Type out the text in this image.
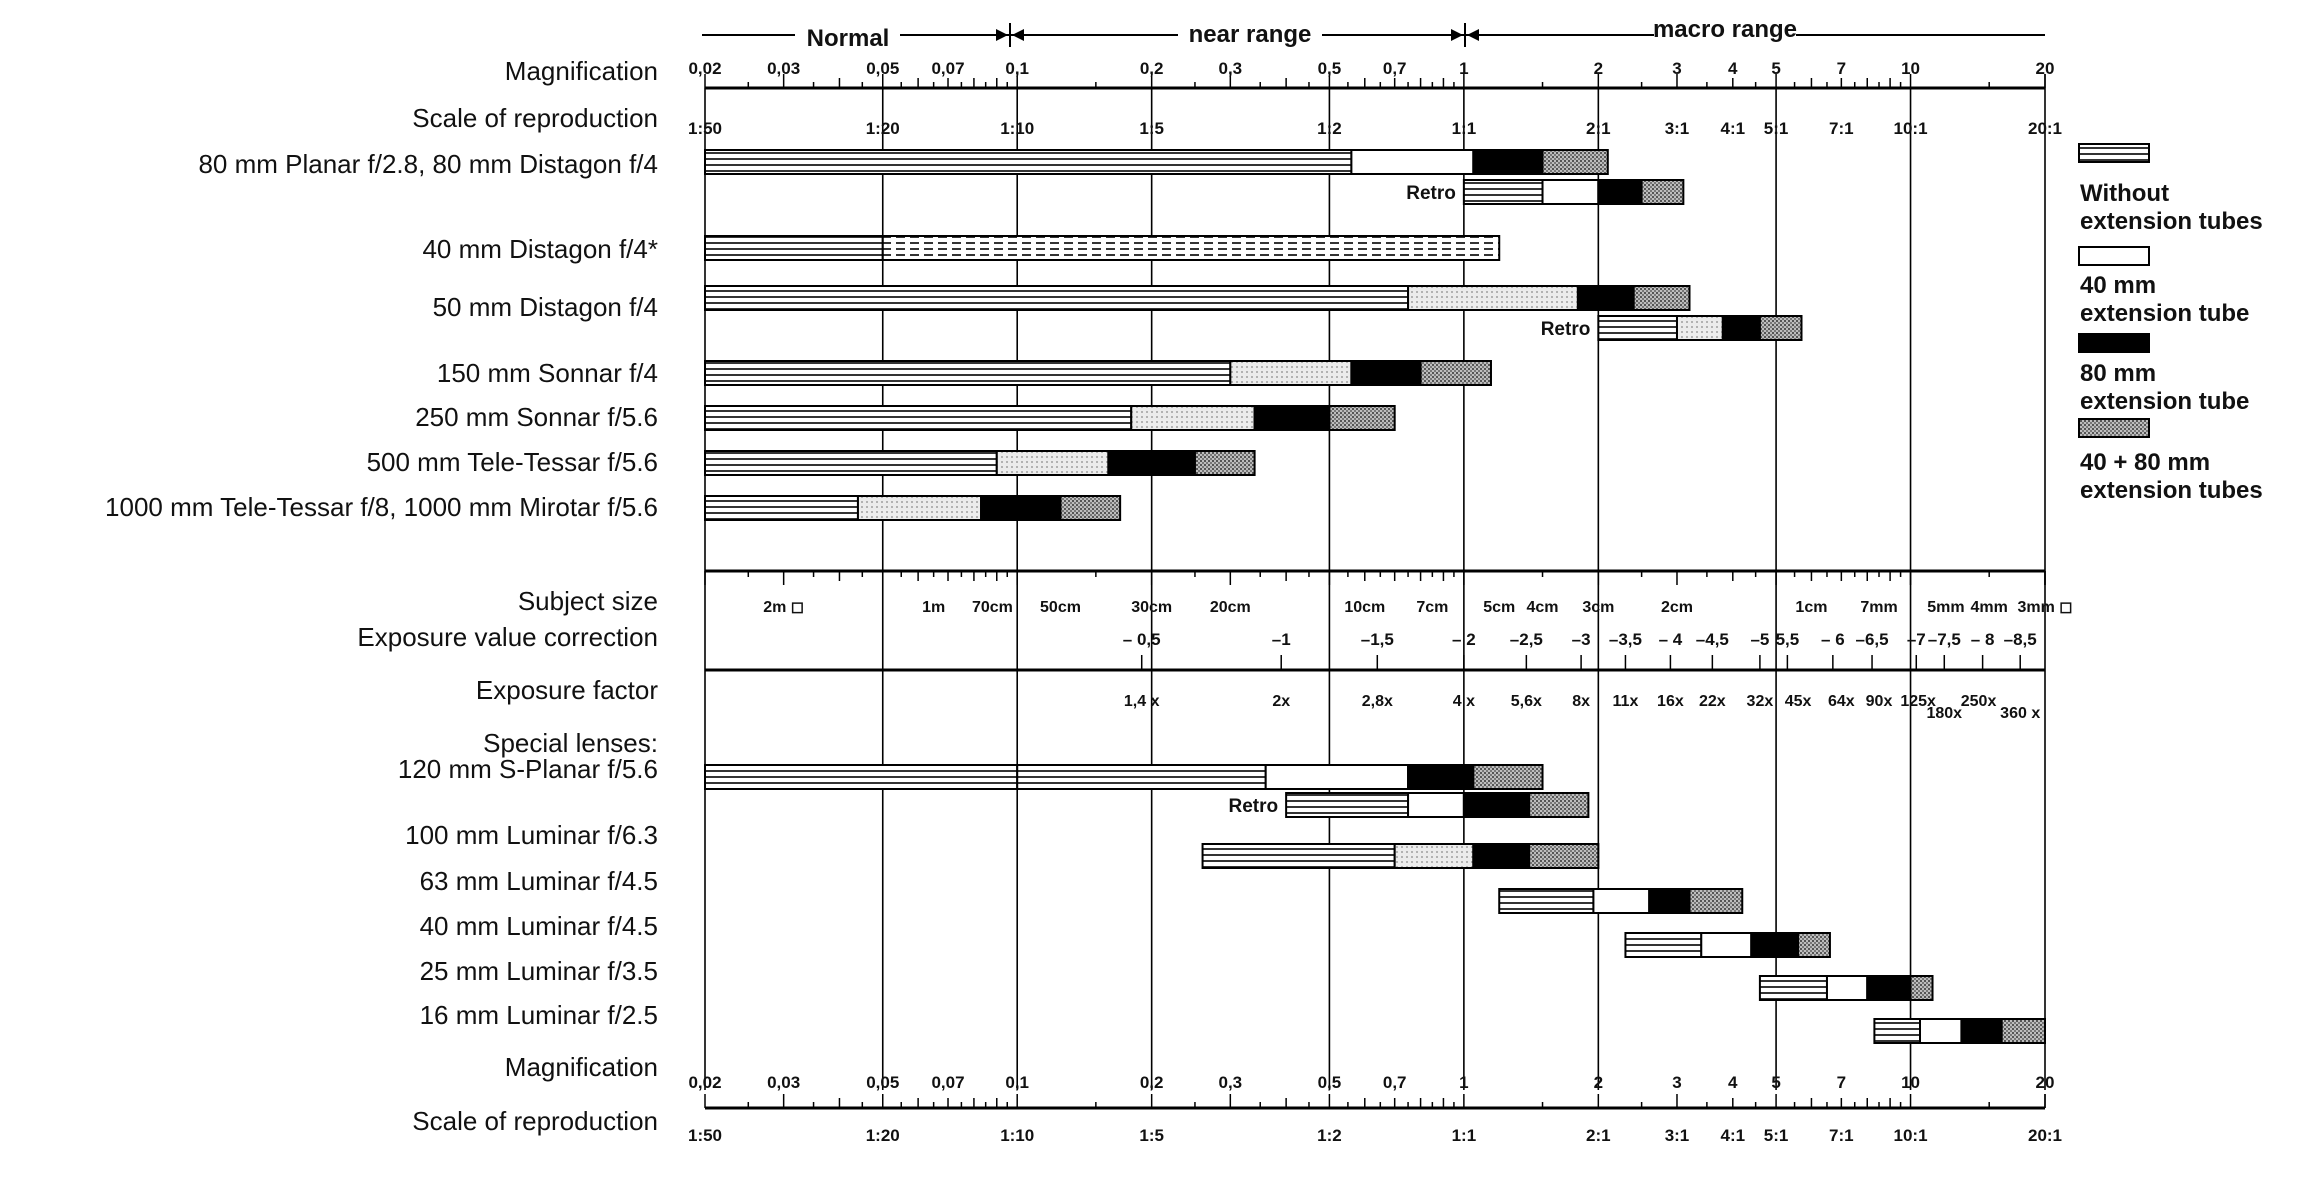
Normal	near range	macro range
0,02	0,03	0,05 0,07 0,1	0,2	0,3	0,5 0,7	1	2	3	4 5	7	10	20
1:50	1:20	1:10	1:5	1:2	1:1	2:1	3:1 4:1 5:1 7:1 10:1	20:1
0,02	0,03	0,05 0,07 0,1	0,2	0,3	0,5 0,7	1	2	3	4 5	7	10	20
1:50	1:20	1:10	1:5	1:2	1:1	2:1	3:1 4:1 5:1 7:1 10:1	20:1
2m ◻	1m 70cm 50cm	30cm 20cm	10cm 7cm 5cm 4cm 3cm	2cm	1cm 7mm 5mm 4mm 3mm ◻
– 0,5	–1	–1,5	– 2 –2,5 –3 –3,5 – 4 –4,5 –5 5,5 – 6 –6,5 –7 –7,5 – 8 –8,5
1,4 x	2x	2,8x	4 x 5,6x 8x 11x 16x 22x 32x 45x 64x 90x 125x 250x
180x 360 x
Retro
Retro
Retro
Magnification
Scale of reproduction
80 mm Planar f/2.8, 80 mm Distagon f/4
40 mm Distagon f/4*
50 mm Distagon f/4
150 mm Sonnar f/4
250 mm Sonnar f/5.6
500 mm Tele-Tessar f/5.6
1000 mm Tele-Tessar f/8, 1000 mm Mirotar f/5.6
Subject size
Exposure value correction
Exposure factor
Special lenses:
120 mm S-Planar f/5.6
100 mm Luminar f/6.3
63 mm Luminar f/4.5
40 mm Luminar f/4.5
25 mm Luminar f/3.5
16 mm Luminar f/2.5
Magnification
Scale of reproduction
Without
extension tubes
40 mm
extension tube
80 mm
extension tube
40 + 80 mm
extension tubes
